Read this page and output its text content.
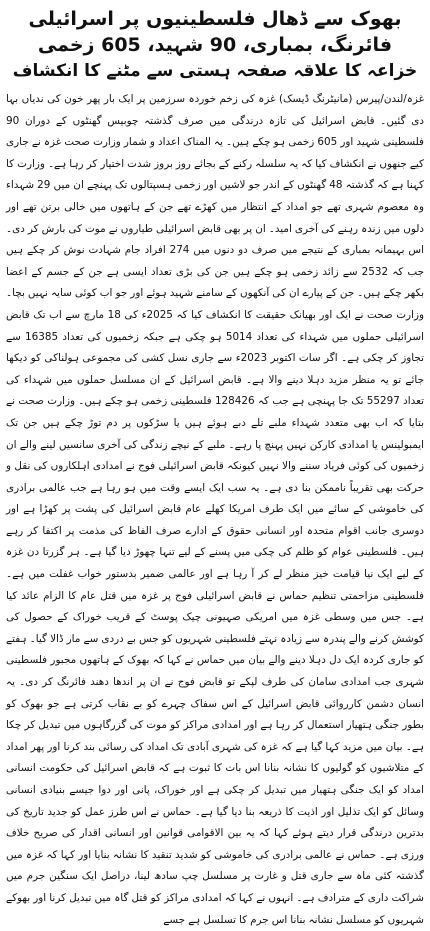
بھوک سے ڈھال فلسطینیوں پر اسرائیلی فائرنگ، بمباری، 90 شہید، 605 زخمی
خزاعہ کا علاقہ صفحہ ہستی سے مٹنے کا انکشاف

غزہ/لندن/پیرس (مانیٹرنگ ڈیسک) غزہ کی زخم خوردہ سرزمین پر ایک بار پھر خون کی ندیاں بہا دی گئیں۔ قابض اسرائیل کی تازہ درندگی میں صرف گذشتہ چوبیس گھنٹوں کے دوران 90 فلسطینی شہید اور 605 زخمی ہو چکے ہیں۔ یہ المناک اعداد و شمار وزارت صحت غزہ نے جاری کیے جنھوں نے انکشاف کیا کہ یہ سلسلہ رکنے کے بجائے روز بروز شدت اختیار کر رہا ہے۔ وزارت کا کہنا ہے کہ گذشتہ 48 گھنٹوں کے اندر جو لاشیں اور زخمی ہسپتالوں تک پہنچے ان میں 29 شہداء وہ معصوم شہری تھے جو امداد کے انتظار میں کھڑے تھے جن کے ہاتھوں میں خالی برتن تھے اور دلوں میں زندہ رہنے کی آخری امید۔ ان پر بھی قابض اسرائیلی طیاروں نے موت کی بارش کر دی۔ اس بہیمانہ بمباری کے نتیجے میں صرف دو دنوں میں 274 افراد جام شہادت نوش کر چکے ہیں جب کہ 2532 سے زائد زخمی ہو چکے ہیں جن کی بڑی تعداد ایسی ہے جن کے جسم کے اعضا بکھر چکے ہیں۔ جن کے پیارے ان کی آنکھوں کے سامنے شہید ہوئے اور جو اب کوئی سایہ نہیں بچا۔ وزارت صحت نے ایک اور بھیانک حقیقت کا انکشاف کیا کہ 2025ء کی 18 مارچ سے اب تک قابض اسرائیلی حملوں میں شہداء کی تعداد 5014 ہو چکی ہے جبکہ زخمیوں کی تعداد 16385 سے تجاوز کر چکی ہے۔ اگر سات اکتوبر 2023ء سے جاری نسل کشی کی مجموعی ہولناکی کو دیکھا جائے تو یہ منظر مزید دہلا دینے والا ہے۔ قابض اسرائیل کے ان مسلسل حملوں میں شہداء کی تعداد 55297 تک جا پہنچی ہے جب کہ 128426 فلسطینی زخمی ہو چکے ہیں۔ وزارت صحت نے بتایا کہ اب بھی متعدد شہداء ملبے تلے دبے ہوئے ہیں یا سڑکوں پر دم توڑ چکے ہیں جن تک ایمبولینس یا امدادی کارکن نہیں پہنچ پا رہے۔ ملبے کے نیچے زندگی کی آخری سانسیں لینے والے ان زخمیوں کی کوئی فریاد سننے والا نہیں کیونکہ قابض اسرائیلی فوج نے امدادی اہلکاروں کی نقل و حرکت بھی تقریباً ناممکن بنا دی ہے۔ یہ سب ایک ایسے وقت میں ہو رہا ہے جب عالمی برادری کی خاموشی کے سائے میں ایک طرف امریکا کھلے عام قابض اسرائیل کی پشت پر کھڑا ہے اور دوسری جانب اقوام متحدہ اور انسانی حقوق کے ادارے صرف الفاظ کی مذمت پر اکتفا کر رہے ہیں۔ فلسطینی عوام کو ظلم کی چکی میں پسنے کے لیے تنہا چھوڑ دیا گیا ہے۔ ہر گزرتا دن غزہ کے لیے ایک نیا قیامت خیز منظر لے کر آ رہا ہے اور عالمی ضمیر بدستور خواب غفلت میں ہے۔ فلسطینی مزاحمتی تنظیم حماس نے قابض اسرائیلی فوج پر غزہ میں قتل عام کا الزام عائد کیا ہے۔ جس میں وسطی غزہ میں امریکی صہیونی چیک پوسٹ کے قریب خوراک کے حصول کی کوشش کرنے والے پندرہ سے زیادہ نہتے فلسطینی شہریوں کو جس بے دردی سے مار ڈالا گیا۔ ہفتے کو جاری کردہ ایک دل دہلا دینے والے بیان میں حماس نے کہا کہ بھوک کے ہاتھوں مجبور فلسطینی شہری جب امدادی سامان کی طرف لپکے تو قابض فوج نے ان پر اندھا دھند فائرنگ کر دی۔ یہ انسان دشمن کارروائی قابض اسرائیل کے اس سفاک چہرے کو بے نقاب کرتی ہے جو بھوک کو بطور جنگی ہتھیار استعمال کر رہا ہے اور امدادی مراکز کو موت کی گزرگاہوں میں تبدیل کر چکا ہے۔ بیان میں مزید کہا گیا ہے کہ غزہ کی شہری آبادی تک امداد کی رسائی بند کرنا اور پھر امداد کے متلاشیوں کو گولیوں کا نشانہ بنانا اس بات کا ثبوت ہے کہ قابض اسرائیل کی حکومت انسانی امداد کو ایک جنگی ہتھیار میں تبدیل کر چکی ہے اور خوراک، پانی اور دوا جیسے بنیادی انسانی وسائل کو ایک تذلیل اور اذیت کا ذریعہ بنا دیا گیا ہے۔ حماس نے اس طرز عمل کو جدید تاریخ کی بدترین درندگی قرار دیتے ہوئے کہا کہ یہ بین الاقوامی قوانین اور انسانی اقدار کی صریح خلاف ورزی ہے۔ حماس نے عالمی برادری کی خاموشی کو شدید تنقید کا نشانہ بنایا اور کہا کہ غزہ میں گذشتہ کئی ماہ سے جاری قتل و غارت پر مسلسل چپ سادھ لینا، دراصل ایک سنگین جرم میں شراکت داری کے مترادف ہے۔ انہوں نے کہا کہ امدادی مراکز کو قتل گاہ میں تبدیل کرنا اور بھوکے شہریوں کو مسلسل نشانہ بنانا اس جرم کا تسلسل ہے جسے
